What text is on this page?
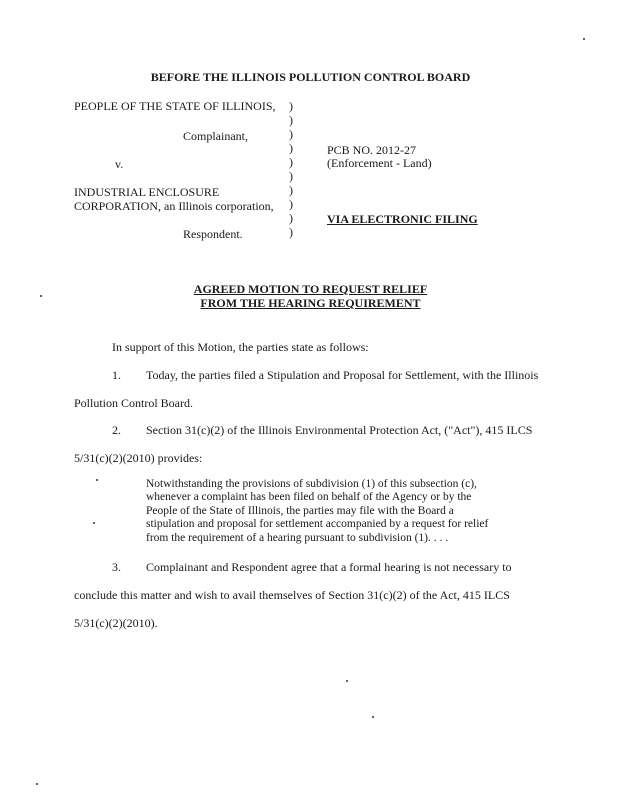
BEFORE THE ILLINOIS POLLUTION CONTROL BOARD
PEOPLE OF THE STATE OF ILLINOIS,
Complainant,
v.
INDUSTRIAL ENCLOSURE
CORPORATION, an Illinois corporation,
Respondent.
)
)
)
)
)
)
)
)
)
)
PCB NO. 2012-27
(Enforcement - Land)
VIA ELECTRONIC FILING
AGREED MOTION TO REQUEST RELIEF
FROM THE HEARING REQUIREMENT
In support of this Motion, the parties state as follows:
1. Today, the parties filed a Stipulation and Proposal for Settlement, with the Illinois
Pollution Control Board.
2. Section 31(c)(2) of the Illinois Environmental Protection Act, ("Act"), 415 ILCS
5/31(c)(2)(2010) provides:
Notwithstanding the provisions of subdivision (1) of this subsection (c),
whenever a complaint has been filed on behalf of the Agency or by the
People of the State of Illinois, the parties may file with the Board a
stipulation and proposal for settlement accompanied by a request for relief
from the requirement of a hearing pursuant to subdivision (1). . . .
3. Complainant and Respondent agree that a formal hearing is not necessary to
conclude this matter and wish to avail themselves of Section 31(c)(2) of the Act, 415 ILCS
5/31(c)(2)(2010).
